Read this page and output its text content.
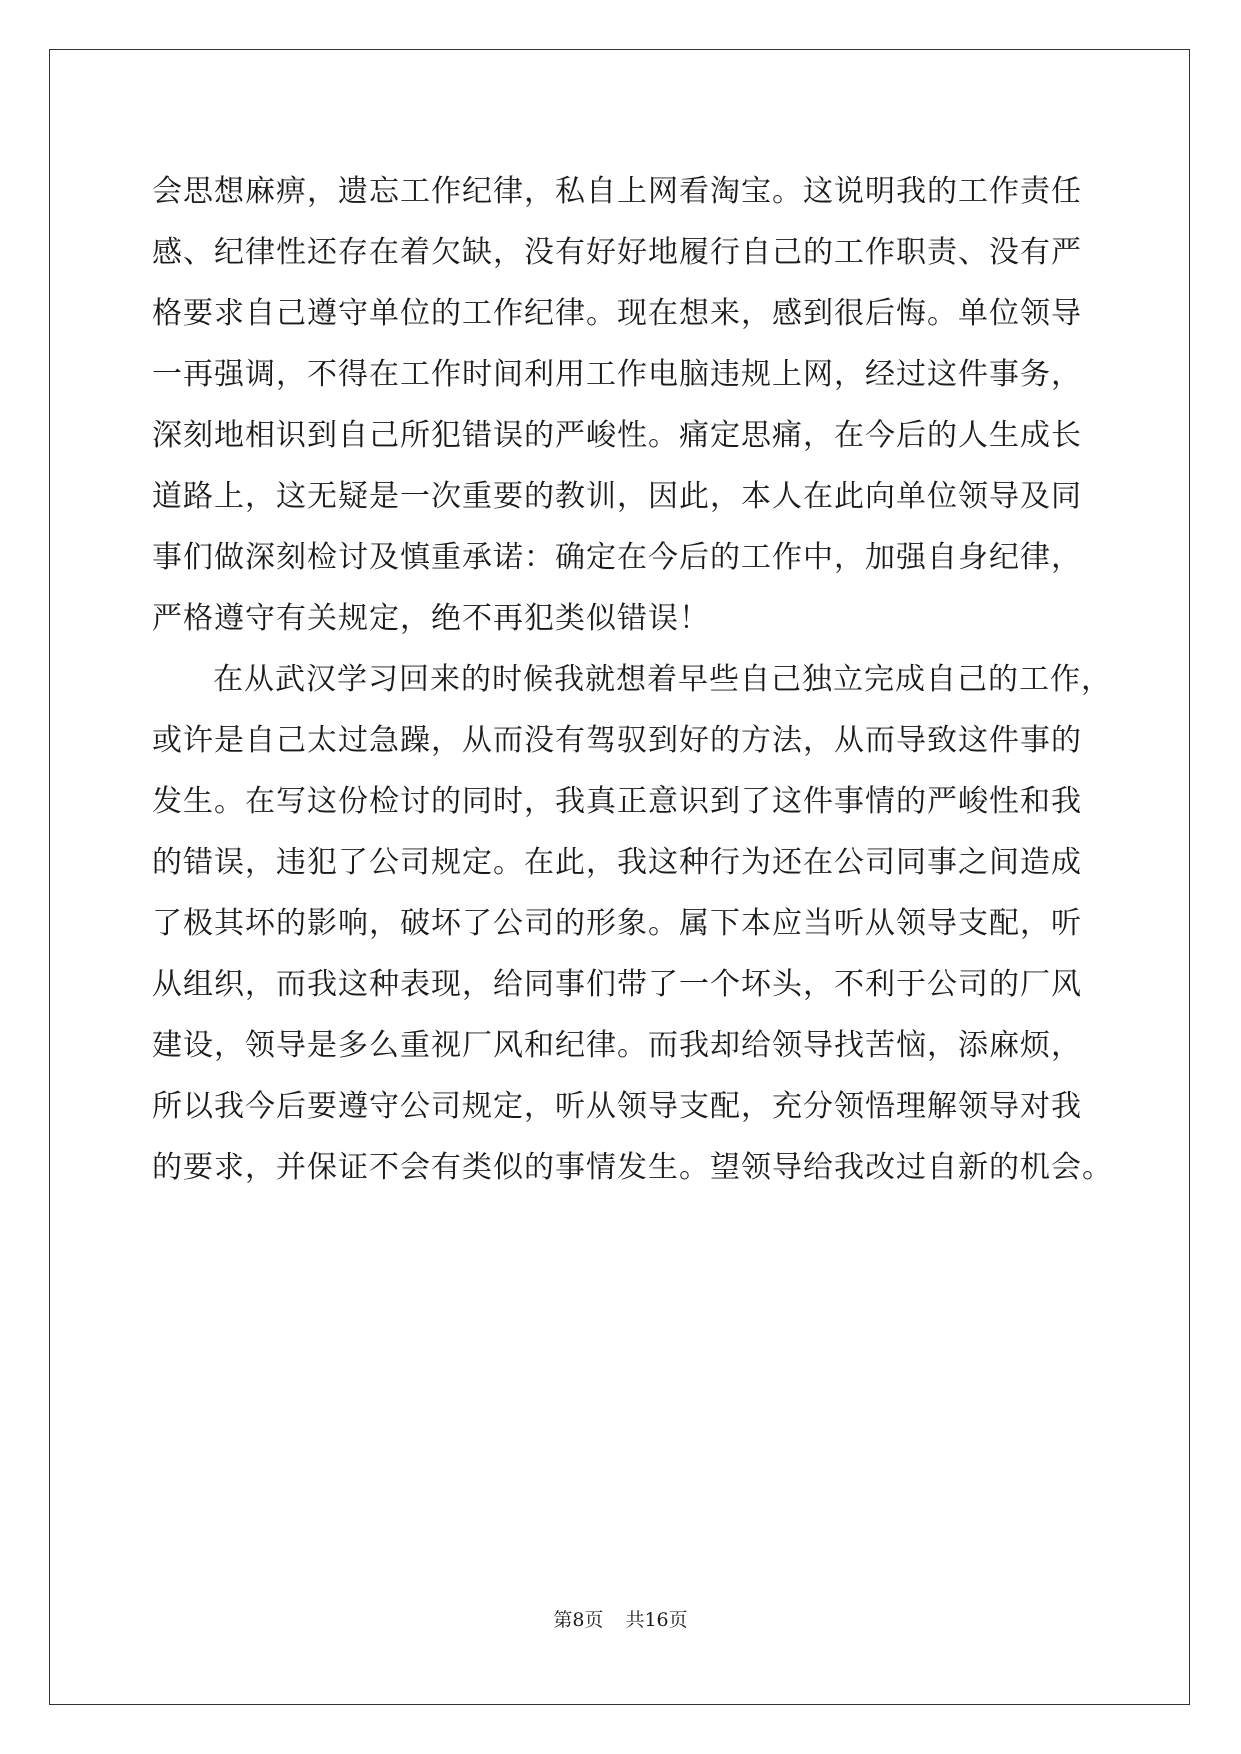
会思想麻痹，遗忘工作纪律，私自上网看淘宝。这说明我的工作责任
感、纪律性还存在着欠缺，没有好好地履行自己的工作职责、没有严
格要求自己遵守单位的工作纪律。现在想来，感到很后悔。单位领导
一再强调，不得在工作时间利用工作电脑违规上网，经过这件事务，
深刻地相识到自己所犯错误的严峻性。痛定思痛，在今后的人生成长
道路上，这无疑是一次重要的教训，因此，本人在此向单位领导及同
事们做深刻检讨及慎重承诺：确定在今后的工作中，加强自身纪律，
严格遵守有关规定，绝不再犯类似错误！
在从武汉学习回来的时候我就想着早些自己独立完成自己的工作，
或许是自己太过急躁，从而没有驾驭到好的方法，从而导致这件事的
发生。在写这份检讨的同时，我真正意识到了这件事情的严峻性和我
的错误，违犯了公司规定。在此，我这种行为还在公司同事之间造成
了极其坏的影响，破坏了公司的形象。属下本应当听从领导支配，听
从组织，而我这种表现，给同事们带了一个坏头，不利于公司的厂风
建设，领导是多么重视厂风和纪律。而我却给领导找苦恼，添麻烦，
所以我今后要遵守公司规定，听从领导支配，充分领悟理解领导对我
的要求，并保证不会有类似的事情发生。望领导给我改过自新的机会。
第8页 共16页
